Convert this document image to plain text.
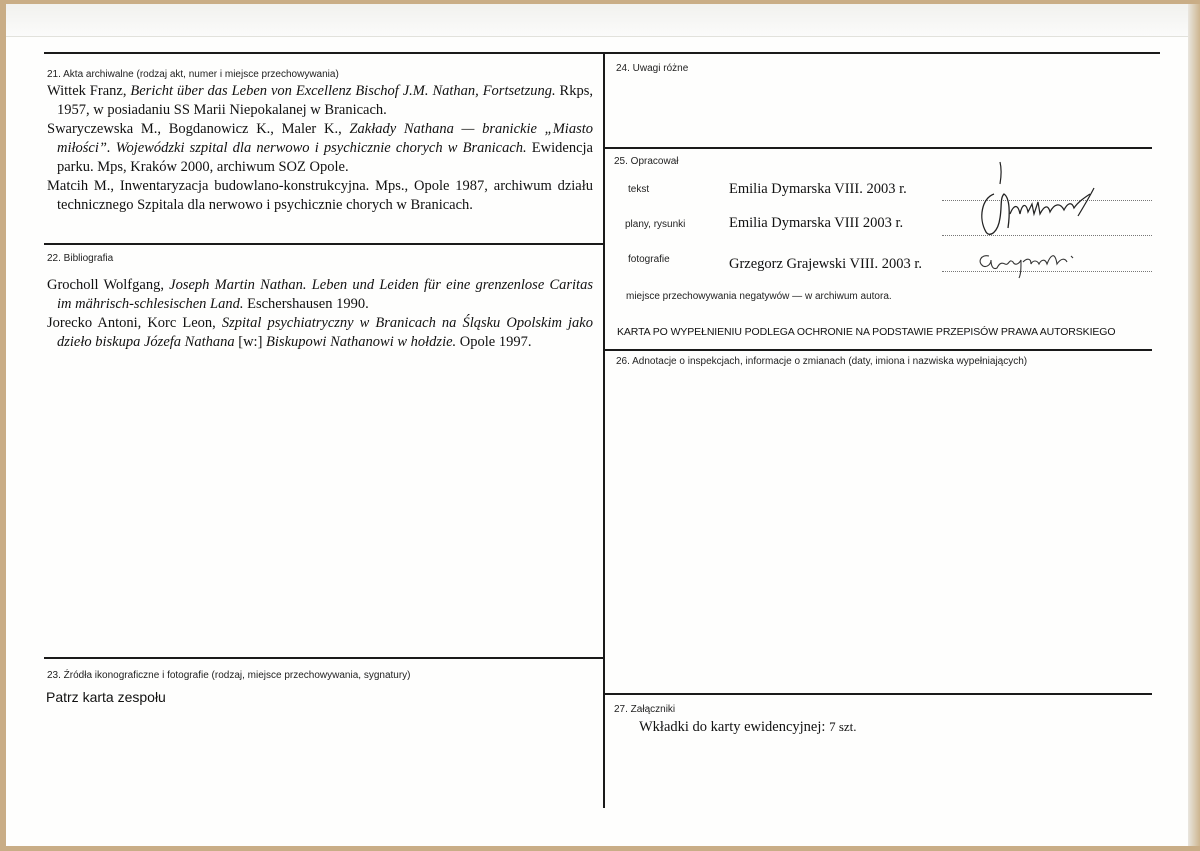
21. Akta archiwalne (rodzaj akt, numer i miejsce przechowywania)
Wittek Franz, Bericht über das Leben von Excellenz Bischof J.M. Nathan, Fortsetzung. Rkps, 1957, w posiadaniu SS Marii Niepokalanej w Branicach.
Swaryczewska M., Bogdanowicz K., Maler K., Zakłady Nathana — branickie „Miasto miłości”. Wojewódzki szpital dla nerwowo i psychicznie chorych w Branicach. Ewidencja parku. Mps, Kraków 2000, archiwum SOZ Opole.
Matcih M., Inwentaryzacja budowlano-konstrukcyjna. Mps., Opole 1987, archiwum działu technicznego Szpitala dla nerwowo i psychicznie chorych w Branicach.
22. Bibliografia
Grocholl Wolfgang, Joseph Martin Nathan. Leben und Leiden für eine grenzenlose Caritas im mährisch-schlesischen Land. Eschershausen 1990.
Jorecko Antoni, Korc Leon, Szpital psychiatryczny w Branicach na Śląsku Opolskim jako dzieło biskupa Józefa Nathana [w:] Biskupowi Nathanowi w hołdzie. Opole 1997.
23. Źródła ikonograficzne i fotografie (rodzaj, miejsce przechowywania, sygnatury)
Patrz karta zespołu
24. Uwagi różne
25. Opracował
tekst	Emilia Dymarska VIII. 2003 r.
plany, rysunki	Emilia Dymarska VIII 2003 r.
fotografie	Grzegorz Grajewski VIII. 2003 r.
miejsce przechowywania negatywów — w archiwum autora.
KARTA PO WYPEŁNIENIU PODLEGA OCHRONIE NA PODSTAWIE PRZEPISÓW PRAWA AUTORSKIEGO
26. Adnotacje o inspekcjach, informacje o zmianach (daty, imiona i nazwiska wypełniających)
27. Załączniki
Wkładki do karty ewidencyjnej: 7 szt.
